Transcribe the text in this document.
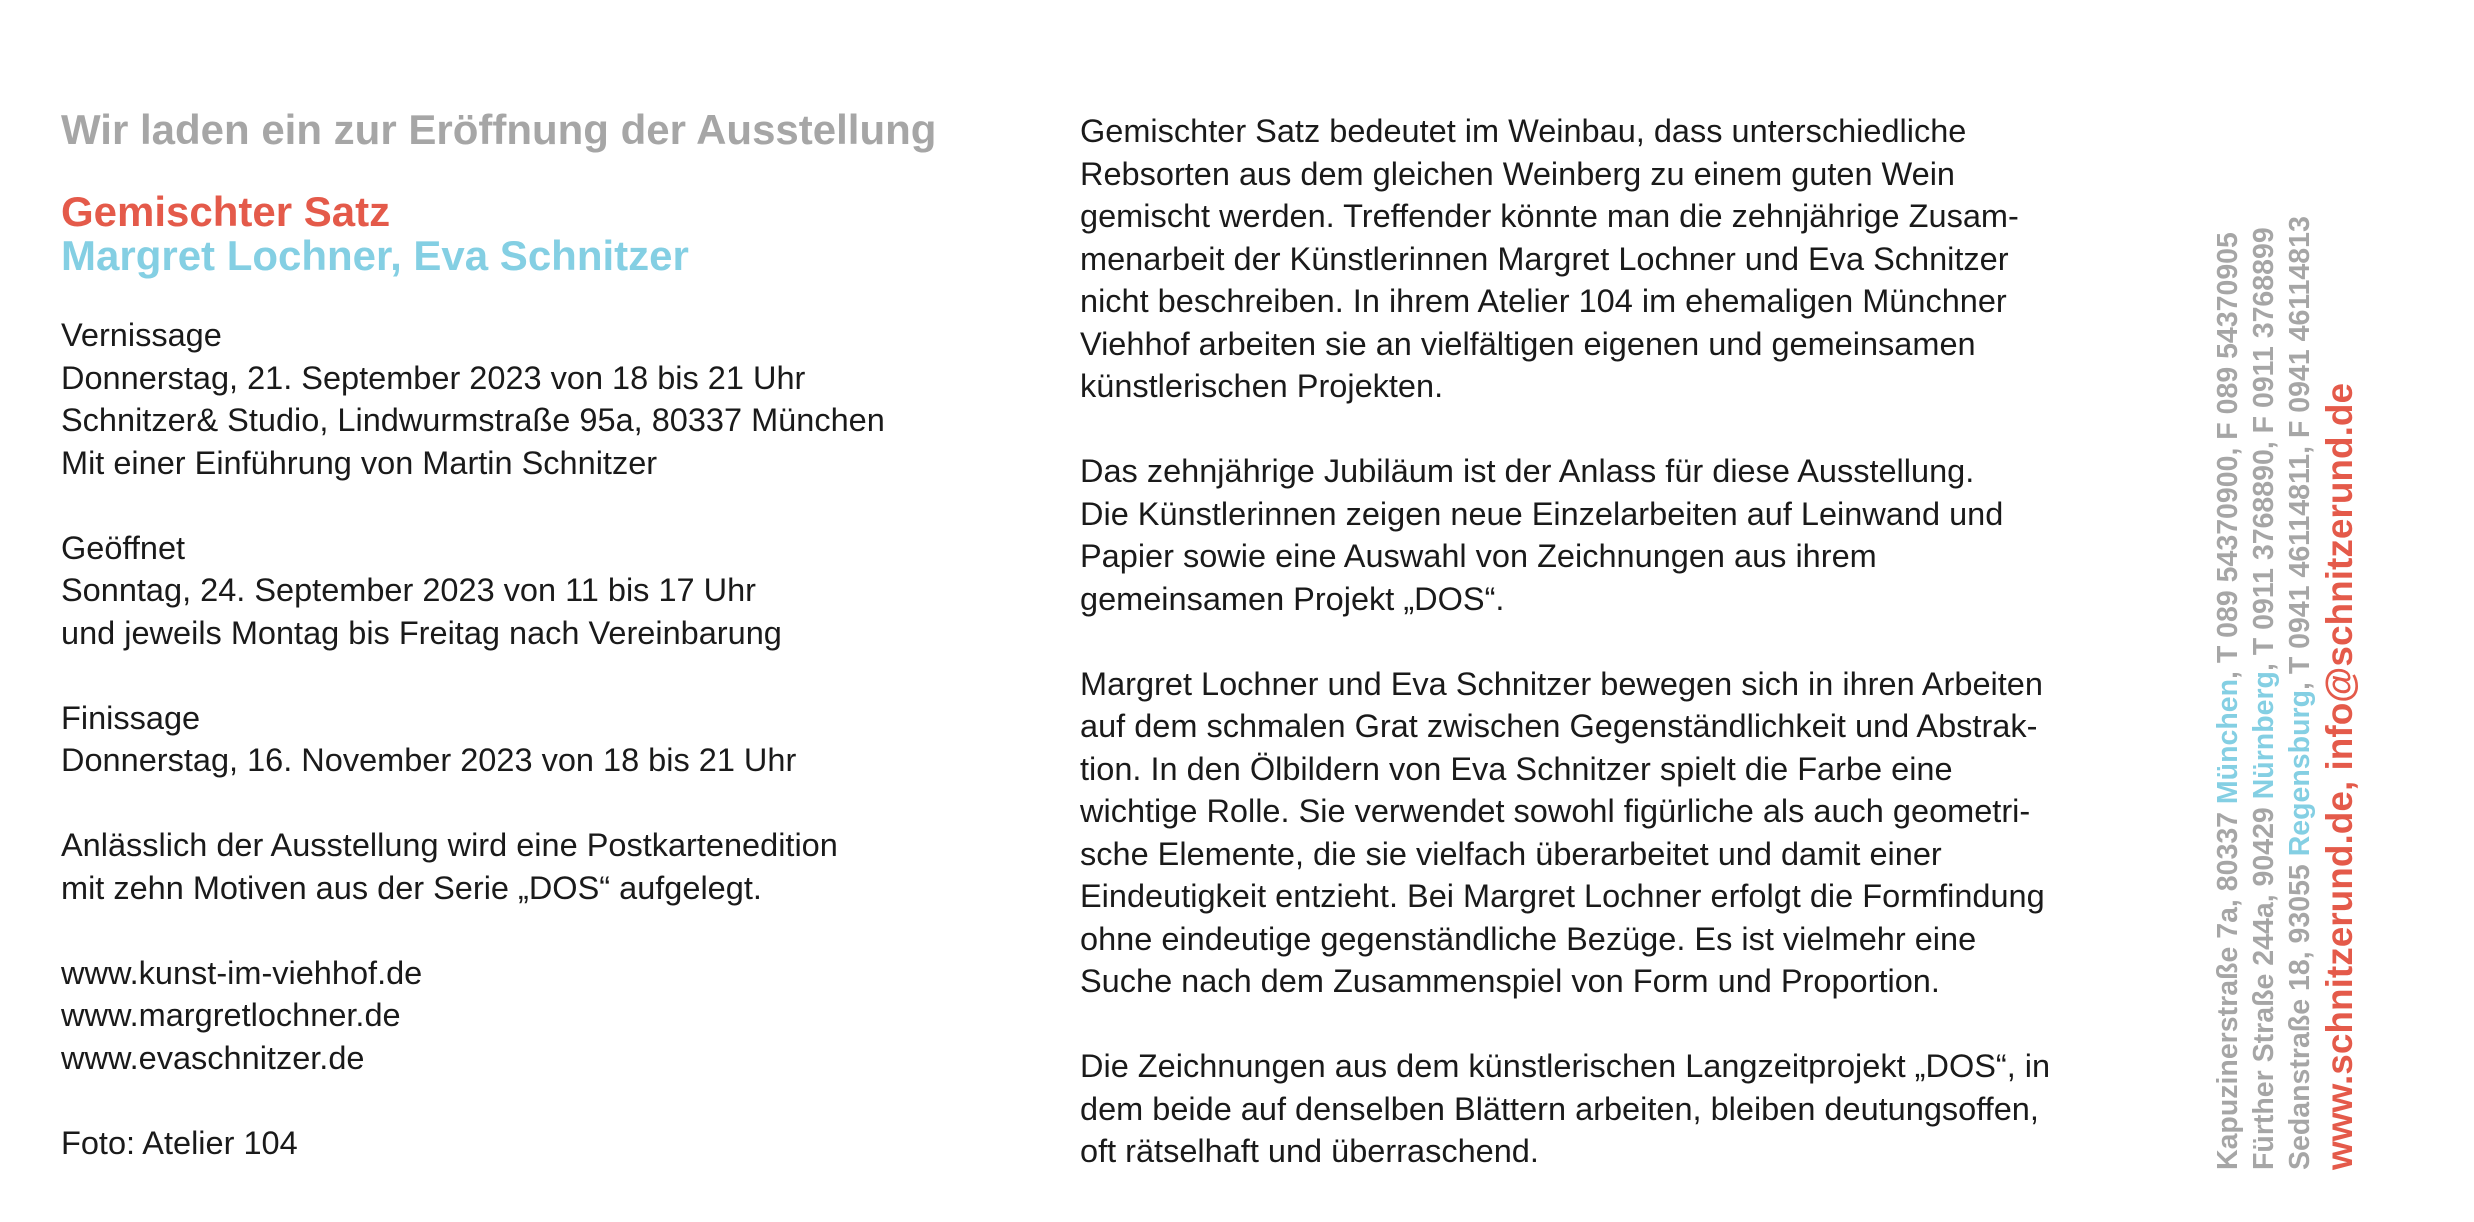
Wir laden ein zur Eröffnung der Ausstellung

Gemischter Satz

Margret Lochner, Eva Schnitzer

Vernissage
Donnerstag, 21. September 2023 von 18 bis 21 Uhr
Schnitzer& Studio, Lindwurmstraße 95a, 80337 München
Mit einer Einführung von Martin Schnitzer
Geöffnet
Sonntag, 24. September 2023 von 11 bis 17 Uhr
und jeweils Montag bis Freitag nach Vereinbarung
Finissage
Donnerstag, 16. November 2023 von 18 bis 21 Uhr
Anlässlich der Ausstellung wird eine Postkartenedition
mit zehn Motiven aus der Serie „DOS“ aufgelegt.
www.kunst-im-viehhof.de
www.margretlochner.de
www.evaschnitzer.de
Foto: Atelier 104

Gemischter Satz bedeutet im Weinbau, dass unterschiedliche
Rebsorten aus dem gleichen Weinberg zu einem guten Wein
gemischt werden. Treffender könnte man die zehnjährige Zusam-
menarbeit der Künstlerinnen Margret Lochner und Eva Schnitzer
nicht beschreiben. In ihrem Atelier 104 im ehemaligen Münchner
Viehhof arbeiten sie an vielfältigen eigenen und gemeinsamen
künstlerischen Projekten.

Das zehnjährige Jubiläum ist der Anlass für diese Ausstellung.
Die Künstlerinnen zeigen neue Einzelarbeiten auf Leinwand und
Papier sowie eine Auswahl von Zeichnungen aus ihrem
gemeinsamen Projekt „DOS“.

Margret Lochner und Eva Schnitzer bewegen sich in ihren Arbeiten
auf dem schmalen Grat zwischen Gegenständlichkeit und Abstrak-
tion. In den Ölbildern von Eva Schnitzer spielt die Farbe eine
wichtige Rolle. Sie verwendet sowohl figürliche als auch geometri-
sche Elemente, die sie vielfach überarbeitet und damit einer
Eindeutigkeit entzieht. Bei Margret Lochner erfolgt die Formfindung
ohne eindeutige gegenständliche Bezüge. Es ist vielmehr eine
Suche nach dem Zusammenspiel von Form und Proportion.

Die Zeichnungen aus dem künstlerischen Langzeitprojekt „DOS“, in
dem beide auf denselben Blättern arbeiten, bleiben deutungsoffen,
oft rätselhaft und überraschend.	Kapuzinerstraße 7a, 80337 München, T 089 54370900, F 089 54370905
Fürther Straße 244a, 90429 Nürnberg, T 0911 3768890, F 0911 3768899
Sedanstraße 18, 93055 Regensburg, T 0941 46114811, F 0941 46114813 www.schnitzerund.de, info@schnitzerund.de
